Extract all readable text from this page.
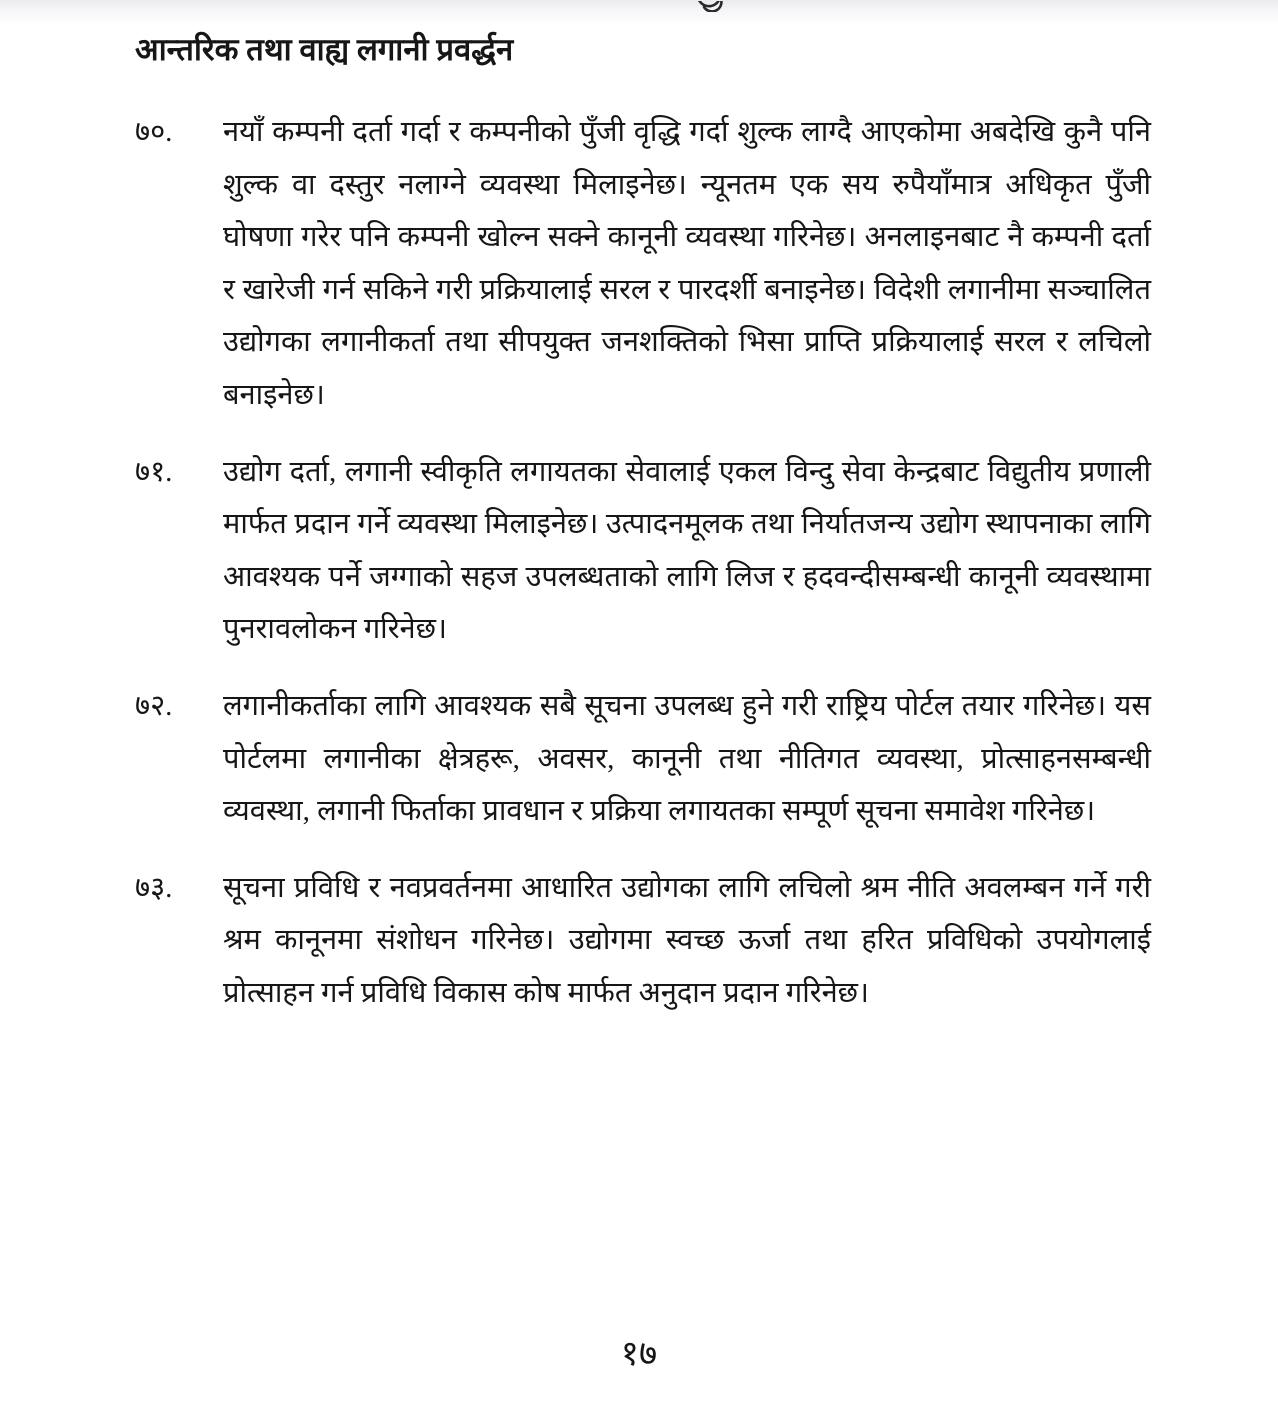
आन्तरिक तथा वाह्य लगानी प्रवर्द्धन
७०.	नयाँ कम्पनी दर्ता गर्दा र कम्पनीको पुँजी वृद्धि गर्दा शुल्क लाग्दै आएकोमा अबदेखि कुनै पनि शुल्क वा दस्तुर नलाग्ने व्यवस्था मिलाइनेछ। न्यूनतम एक सय रुपैयाँमात्र अधिकृत पुँजी घोषणा गरेर पनि कम्पनी खोल्न सक्ने कानूनी व्यवस्था गरिनेछ। अनलाइनबाट नै कम्पनी दर्ता र खारेजी गर्न सकिने गरी प्रक्रियालाई सरल र पारदर्शी बनाइनेछ। विदेशी लगानीमा सञ्चालित उद्योगका लगानीकर्ता तथा सीपयुक्त जनशक्तिको भिसा प्राप्ति प्रक्रियालाई सरल र लचिलो बनाइनेछ।
७१.	उद्योग दर्ता, लगानी स्वीकृति लगायतका सेवालाई एकल विन्दु सेवा केन्द्रबाट विद्युतीय प्रणाली मार्फत प्रदान गर्ने व्यवस्था मिलाइनेछ। उत्पादनमूलक तथा निर्यातजन्य उद्योग स्थापनाका लागि आवश्यक पर्ने जग्गाको सहज उपलब्धताको लागि लिज र हदवन्दीसम्बन्धी कानूनी व्यवस्थामा पुनरावलोकन गरिनेछ।
७२.	लगानीकर्ताका लागि आवश्यक सबै सूचना उपलब्ध हुने गरी राष्ट्रिय पोर्टल तयार गरिनेछ। यस पोर्टलमा लगानीका क्षेत्रहरू, अवसर, कानूनी तथा नीतिगत व्यवस्था, प्रोत्साहनसम्बन्धी व्यवस्था, लगानी फिर्ताका प्रावधान र प्रक्रिया लगायतका सम्पूर्ण सूचना समावेश गरिनेछ।
७३.	सूचना प्रविधि र नवप्रवर्तनमा आधारित उद्योगका लागि लचिलो श्रम नीति अवलम्बन गर्ने गरी श्रम कानूनमा संशोधन गरिनेछ। उद्योगमा स्वच्छ ऊर्जा तथा हरित प्रविधिको उपयोगलाई प्रोत्साहन गर्न प्रविधि विकास कोष मार्फत अनुदान प्रदान गरिनेछ।
१७
